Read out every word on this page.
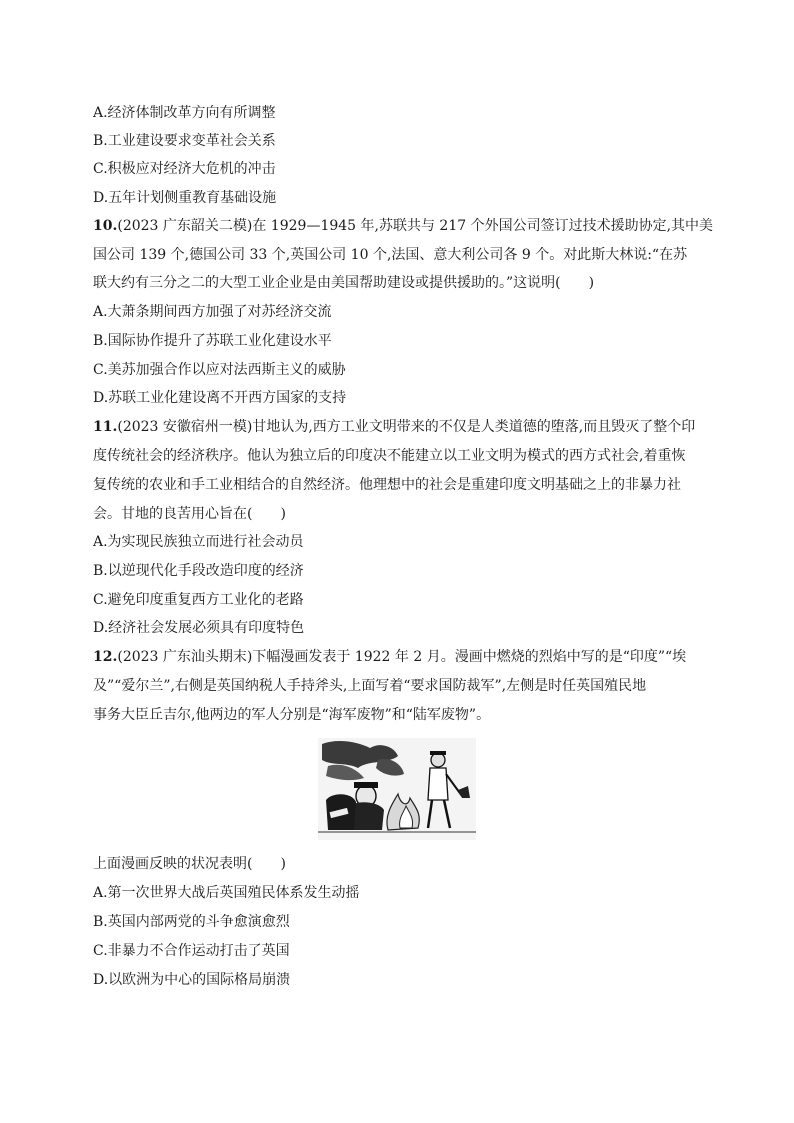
A.经济体制改革方向有所调整
B.工业建设要求变革社会关系
C.积极应对经济大危机的冲击
D.五年计划侧重教育基础设施
10.(2023 广东韶关二模)在 1929—1945 年,苏联共与 217 个外国公司签订过技术援助协定,其中美
国公司 139 个,德国公司 33 个,英国公司 10 个,法国、意大利公司各 9 个。对此斯大林说:“在苏
联大约有三分之二的大型工业企业是由美国帮助建设或提供援助的。”这说明(　　)
A.大萧条期间西方加强了对苏经济交流
B.国际协作提升了苏联工业化建设水平
C.美苏加强合作以应对法西斯主义的威胁
D.苏联工业化建设离不开西方国家的支持
11.(2023 安徽宿州一模)甘地认为,西方工业文明带来的不仅是人类道德的堕落,而且毁灭了整个印
度传统社会的经济秩序。他认为独立后的印度决不能建立以工业文明为模式的西方式社会,着重恢
复传统的农业和手工业相结合的自然经济。他理想中的社会是重建印度文明基础之上的非暴力社
会。甘地的良苦用心旨在(　　)
A.为实现民族独立而进行社会动员
B.以逆现代化手段改造印度的经济
C.避免印度重复西方工业化的老路
D.经济社会发展必须具有印度特色
12.(2023 广东汕头期末)下幅漫画发表于 1922 年 2 月。漫画中燃烧的烈焰中写的是“印度”“埃
及”“爱尔兰”,右侧是英国纳税人手持斧头,上面写着“要求国防裁军”,左侧是时任英国殖民地
事务大臣丘吉尔,他两边的军人分别是“海军废物”和“陆军废物”。
上面漫画反映的状况表明(　　)
A.第一次世界大战后英国殖民体系发生动摇
B.英国内部两党的斗争愈演愈烈
C.非暴力不合作运动打击了英国
D.以欧洲为中心的国际格局崩溃
